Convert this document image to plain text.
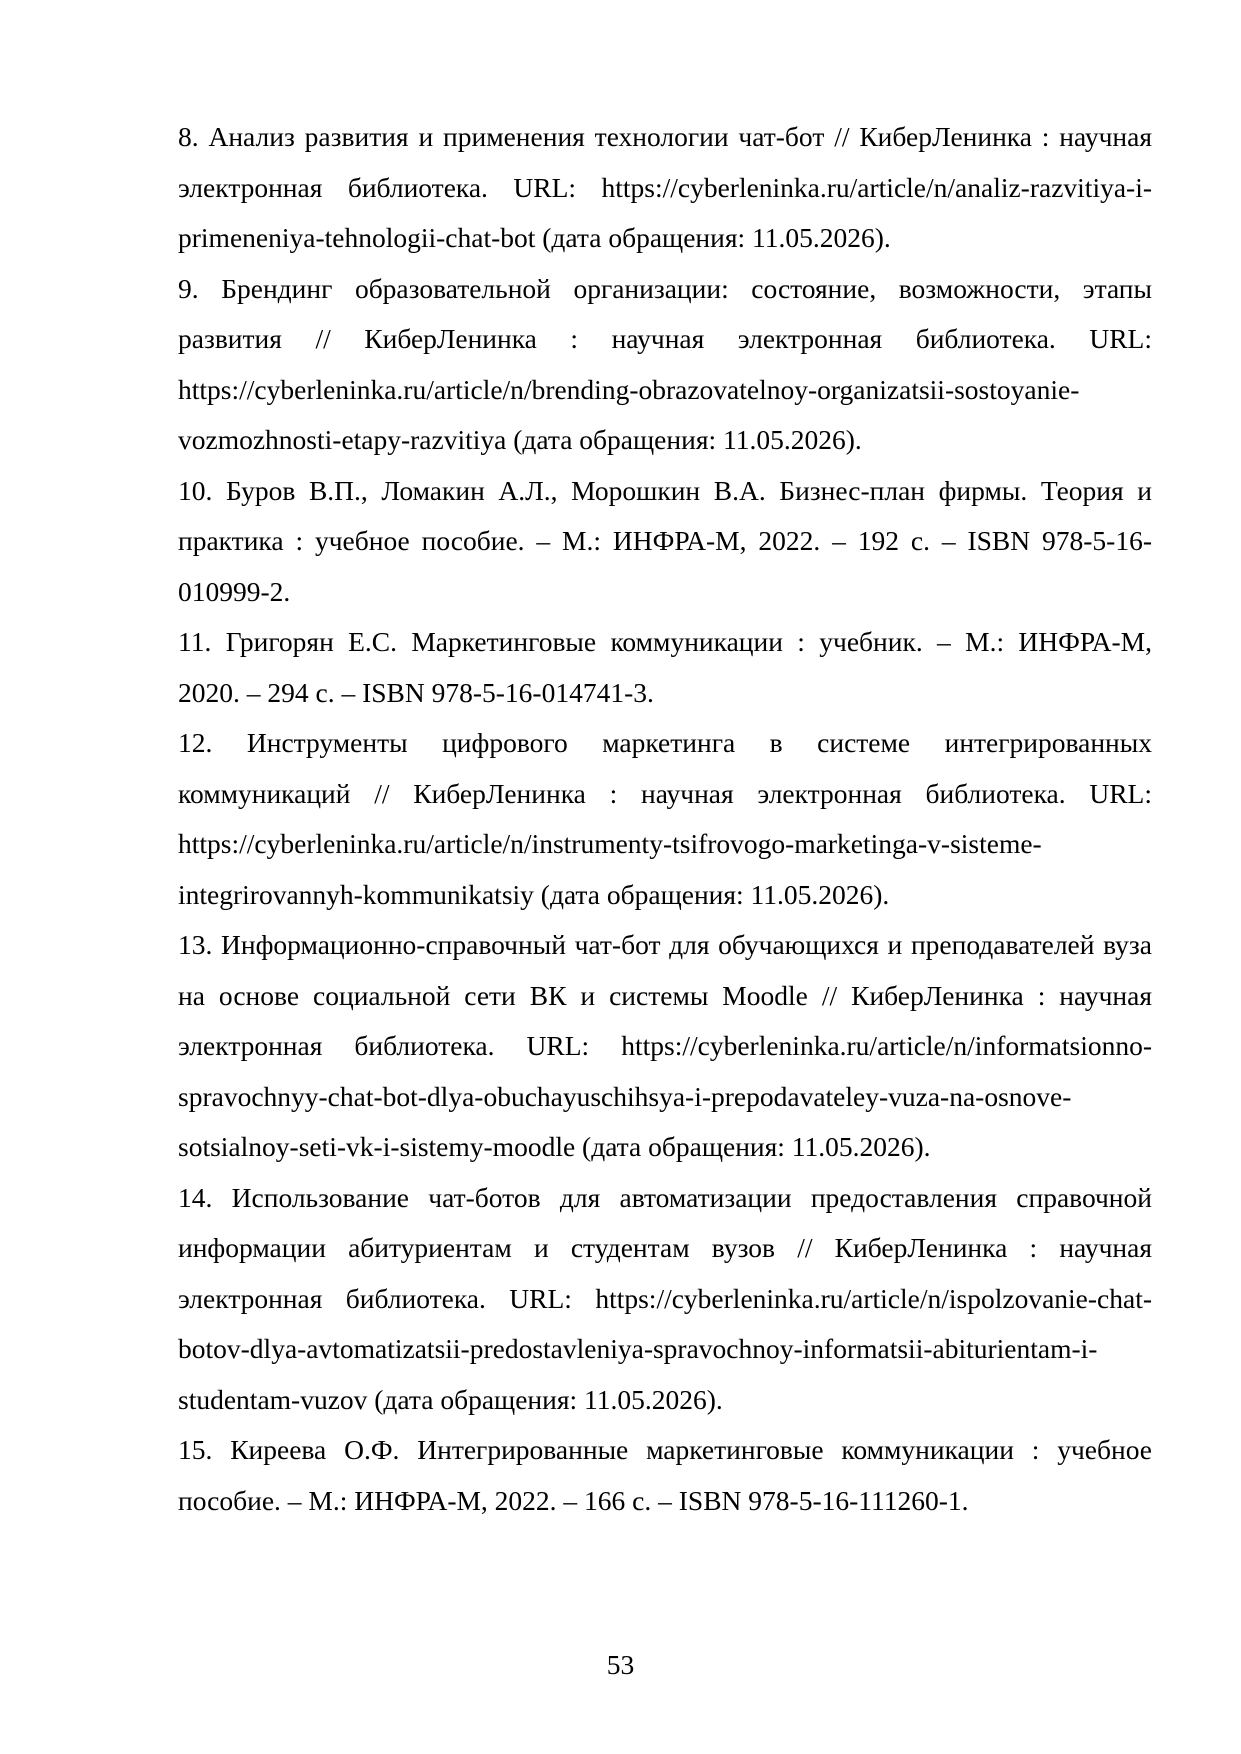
8. Анализ развития и применения технологии чат-бот // КиберЛенинка : научная электронная библиотека. URL: https://cyberleninka.ru/article/n/analiz-razvitiya-i-primeneniya-tehnologii-chat-bot (дата обращения: 11.05.2026).

9. Брендинг образовательной организации: состояние, возможности, этапы развития // КиберЛенинка : научная электронная библиотека. URL: https://cyberleninka.ru/article/n/brending-obrazovatelnoy-organizatsii-sostoyanie-vozmozhnosti-etapy-razvitiya (дата обращения: 11.05.2026).

10. Буров В.П., Ломакин А.Л., Морошкин В.А. Бизнес-план фирмы. Теория и практика : учебное пособие. – М.: ИНФРА-М, 2022. – 192 с. – ISBN 978-5-16-010999-2.

11. Григорян Е.С. Маркетинговые коммуникации : учебник. – М.: ИНФРА-М, 2020. – 294 с. – ISBN 978-5-16-014741-3.

12. Инструменты цифрового маркетинга в системе интегрированных коммуникаций // КиберЛенинка : научная электронная библиотека. URL: https://cyberleninka.ru/article/n/instrumenty-tsifrovogo-marketinga-v-sisteme-integrirovannyh-kommunikatsiy (дата обращения: 11.05.2026).

13. Информационно-справочный чат-бот для обучающихся и преподавателей вуза на основе социальной сети ВК и системы Moodle // КиберЛенинка : научная электронная библиотека. URL: https://cyberleninka.ru/article/n/informatsionno-spravochnyy-chat-bot-dlya-obuchayuschihsya-i-prepodavateley-vuza-na-osnove-sotsialnoy-seti-vk-i-sistemy-moodle (дата обращения: 11.05.2026).

14. Использование чат-ботов для автоматизации предоставления справочной информации абитуриентам и студентам вузов // КиберЛенинка : научная электронная библиотека. URL: https://cyberleninka.ru/article/n/ispolzovanie-chat-botov-dlya-avtomatizatsii-predostavleniya-spravochnoy-informatsii-abiturientam-i-studentam-vuzov (дата обращения: 11.05.2026).

15. Киреева О.Ф. Интегрированные маркетинговые коммуникации : учебное пособие. – М.: ИНФРА-М, 2022. – 166 с. – ISBN 978-5-16-111260-1.

53
